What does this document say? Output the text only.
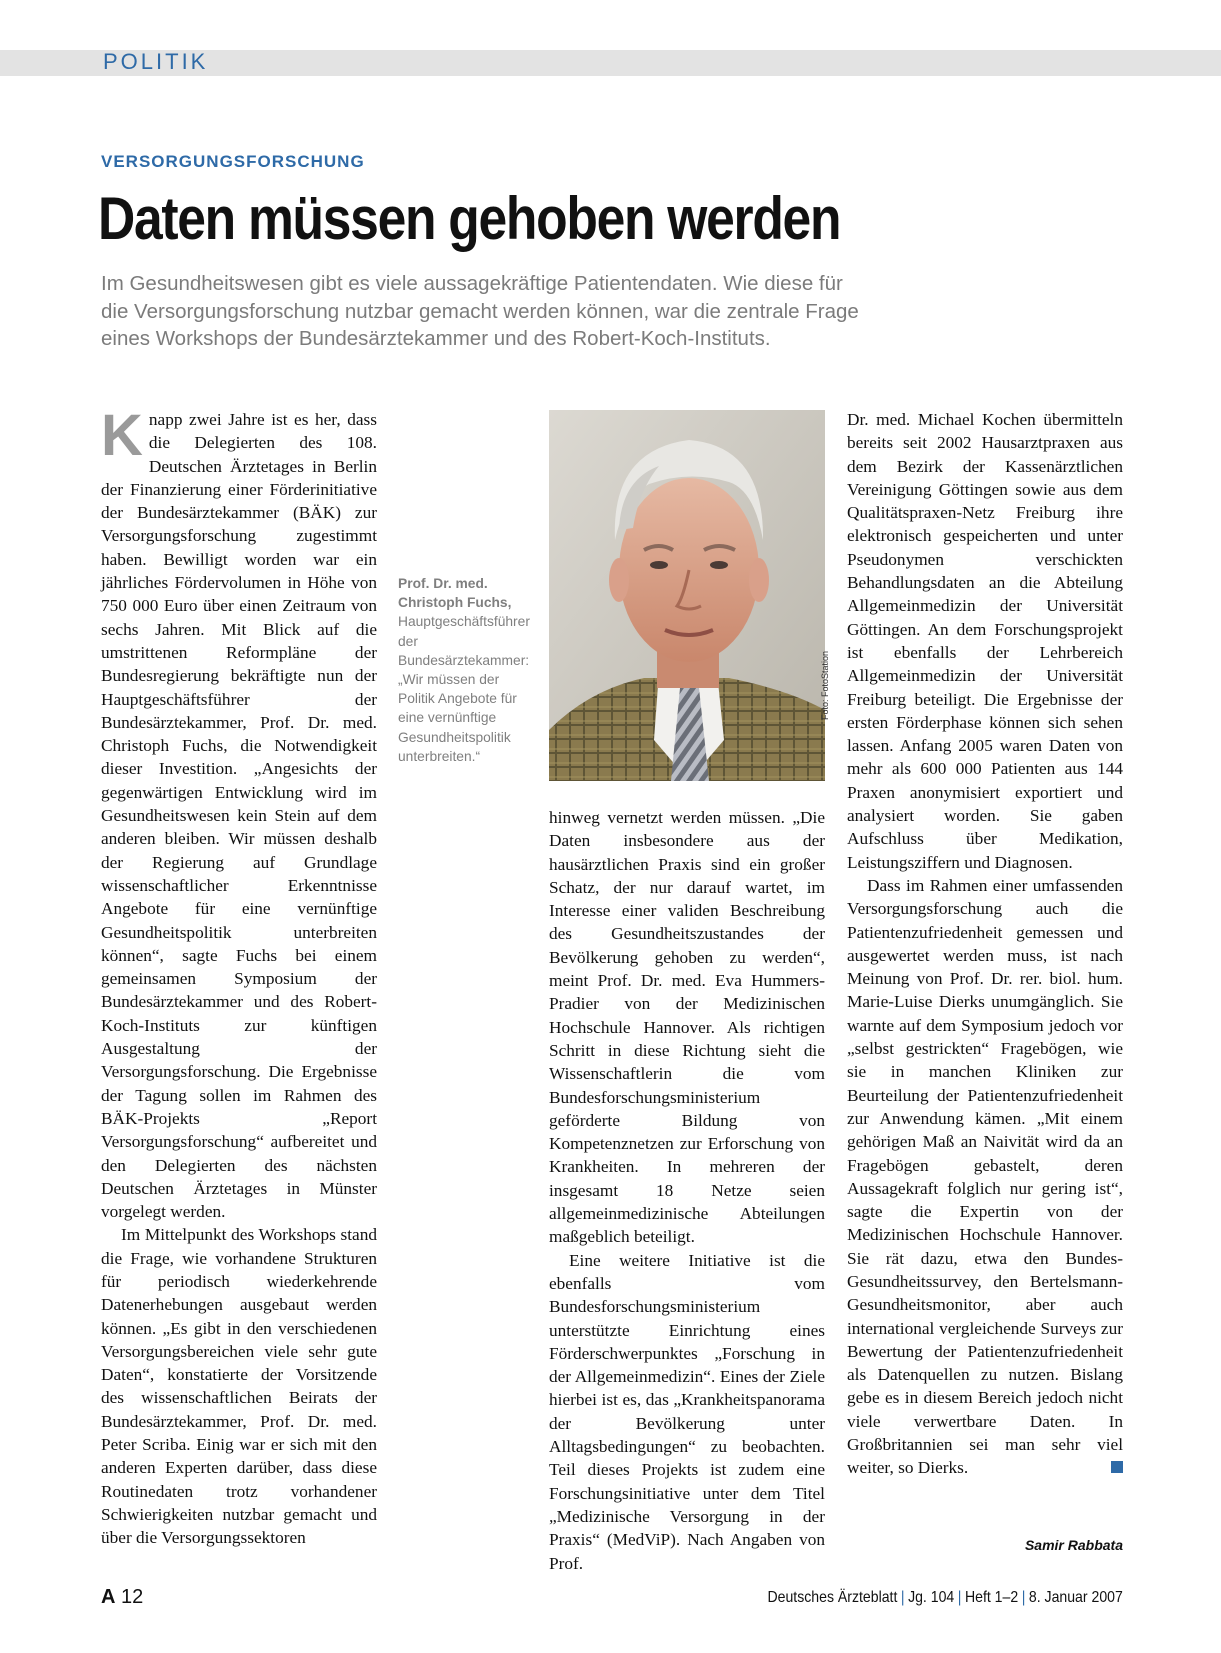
POLITIK
VERSORGUNGSFORSCHUNG
Daten müssen gehoben werden
Im Gesundheitswesen gibt es viele aussagekräftige Patientendaten. Wie diese für
die Versorgungsforschung nutzbar gemacht werden können, war die zentrale Frage
eines Workshops der Bundesärztekammer und des Robert-Koch-Instituts.

Knapp zwei Jahre ist es her, dass die Delegierten des 108. Deutschen Ärztetages in Berlin der Finanzierung einer Förderinitiative der Bundesärztekammer (BÄK) zur Versorgungsforschung zugestimmt haben. Bewilligt worden war ein jährliches Fördervolumen in Höhe von 750 000 Euro über einen Zeitraum von sechs Jahren. Mit Blick auf die umstrittenen Reformpläne der Bundesregierung bekräftigte nun der Hauptgeschäftsführer der Bundesärztekammer, Prof. Dr. med. Christoph Fuchs, die Notwendigkeit dieser Investition. „Angesichts der gegenwärtigen Entwicklung wird im Gesundheitswesen kein Stein auf dem anderen bleiben. Wir müssen deshalb der Regierung auf Grundlage wissenschaftlicher Erkenntnisse Angebote für eine vernünftige Gesundheitspolitik unterbreiten können“, sagte Fuchs bei einem gemeinsamen Symposium der Bundesärztekammer und des Robert-Koch-Instituts zur künftigen Ausgestaltung der Versorgungsforschung. Die Ergebnisse der Tagung sollen im Rahmen des BÄK-Projekts „Report Versorgungsforschung“ aufbereitet und den Delegierten des nächsten Deutschen Ärztetages in Münster vorgelegt werden.

Im Mittelpunkt des Workshops stand die Frage, wie vorhandene Strukturen für periodisch wiederkehrende Datenerhebungen ausgebaut werden können. „Es gibt in den verschiedenen Versorgungsbereichen viele sehr gute Daten“, konstatierte der Vorsitzende des wissenschaftlichen Beirats der Bundesärztekammer, Prof. Dr. med. Peter Scriba. Einig war er sich mit den anderen Experten darüber, dass diese Routinedaten trotz vorhandener Schwierigkeiten nutzbar gemacht und über die Versorgungssektoren

Prof. Dr. med. Christoph Fuchs,
Hauptgeschäftsführer der Bundesärztekammer: „Wir müssen der Politik Angebote für eine vernünftige Gesundheitspolitik unterbreiten.“
Foto: FotoStation

hinweg vernetzt werden müssen. „Die Daten insbesondere aus der hausärztlichen Praxis sind ein großer Schatz, der nur darauf wartet, im Interesse einer validen Beschreibung des Gesundheitszustandes der Bevölkerung gehoben zu werden“, meint Prof. Dr. med. Eva Hummers-Pradier von der Medizinischen Hochschule Hannover. Als richtigen Schritt in diese Richtung sieht die Wissenschaftlerin die vom Bundesforschungsministerium geförderte Bildung von Kompetenznetzen zur Erforschung von Krankheiten. In mehreren der insgesamt 18 Netze seien allgemeinmedizinische Abteilungen maßgeblich beteiligt.

Eine weitere Initiative ist die ebenfalls vom Bundesforschungsministerium unterstützte Einrichtung eines Förderschwerpunktes „Forschung in der Allgemeinmedizin“. Eines der Ziele hierbei ist es, das „Krankheitspanorama der Bevölkerung unter Alltagsbedingungen“ zu beobachten. Teil dieses Projekts ist zudem eine Forschungsinitiative unter dem Titel „Medizinische Versorgung in der Praxis“ (MedViP). Nach Angaben von Prof.

Dr. med. Michael Kochen übermitteln bereits seit 2002 Hausarztpraxen aus dem Bezirk der Kassenärztlichen Vereinigung Göttingen sowie aus dem Qualitätspraxen-Netz Freiburg ihre elektronisch gespeicherten und unter Pseudonymen verschickten Behandlungsdaten an die Abteilung Allgemeinmedizin der Universität Göttingen. An dem Forschungsprojekt ist ebenfalls der Lehrbereich Allgemeinmedizin der Universität Freiburg beteiligt. Die Ergebnisse der ersten Förderphase können sich sehen lassen. Anfang 2005 waren Daten von mehr als 600 000 Patienten aus 144 Praxen anonymisiert exportiert und analysiert worden. Sie gaben Aufschluss über Medikation, Leistungsziffern und Diagnosen.

Dass im Rahmen einer umfassenden Versorgungsforschung auch die Patientenzufriedenheit gemessen und ausgewertet werden muss, ist nach Meinung von Prof. Dr. rer. biol. hum. Marie-Luise Dierks unumgänglich. Sie warnte auf dem Symposium jedoch vor „selbst gestrickten“ Fragebögen, wie sie in manchen Kliniken zur Beurteilung der Patientenzufriedenheit zur Anwendung kämen. „Mit einem gehörigen Maß an Naivität wird da an Fragebögen gebastelt, deren Aussagekraft folglich nur gering ist“, sagte die Expertin von der Medizinischen Hochschule Hannover. Sie rät dazu, etwa den Bundes-Gesundheitssurvey, den Bertelsmann-Gesundheitsmonitor, aber auch international vergleichende Surveys zur Bewertung der Patientenzufriedenheit als Datenquellen zu nutzen. Bislang gebe es in diesem Bereich jedoch nicht viele verwertbare Daten. In Großbritannien sei man sehr viel weiter, so Dierks.

Samir Rabbata
A 12	Deutsches Ärzteblatt | Jg. 104 | Heft 1–2 | 8. Januar 2007
